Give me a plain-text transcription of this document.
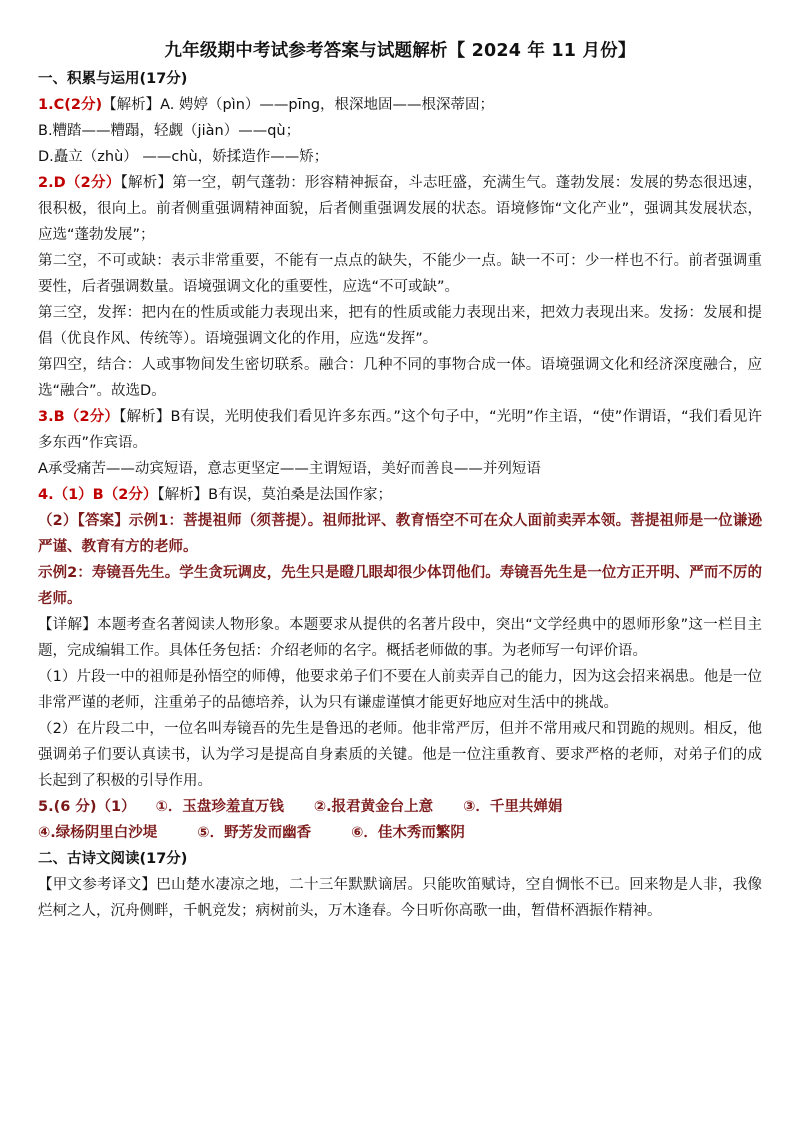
九年级期中考试参考答案与试题解析【 2024 年 11 月份】
一、积累与运用(17分)

1.C(2分)【解析】A. 娉婷（pìn）——pīng，根深地固——根深蒂固；

B.糟踏——糟蹋，轻觑（jiàn）——qù；

D.矗立（zhù） ——chù，娇揉造作——矫；

2.D（2分）【解析】第一空，朝气蓬勃：形容精神振奋，斗志旺盛，充满生气。蓬勃发展：发展的势态很迅速，很积极，很向上。前者侧重强调精神面貌，后者侧重强调发展的状态。语境修饰“文化产业”，强调其发展状态，应选“蓬勃发展”；

第二空，不可或缺：表示非常重要，不能有一点点的缺失，不能少一点。缺一不可：少一样也不行。前者强调重要性，后者强调数量。语境强调文化的重要性，应选“不可或缺”。

第三空，发挥：把内在的性质或能力表现出来，把有的性质或能力表现出来，把效力表现出来。发扬：发展和提倡（优良作风、传统等）。语境强调文化的作用，应选“发挥”。

第四空，结合：人或事物间发生密切联系。融合：几种不同的事物合成一体。语境强调文化和经济深度融合，应选“融合”。故选D。

3.B（2分）【解析】B有误，光明使我们看见许多东西。”这个句子中，“光明”作主语，“使”作谓语，“我们看见许多东西”作宾语。

A承受痛苦——动宾短语，意志更坚定——主谓短语，美好而善良——并列短语

4.（1）B（2分）【解析】B有误，莫泊桑是法国作家；

（2）【答案】示例1：菩提祖师（须菩提）。祖师批评、教育悟空不可在众人面前卖弄本领。菩提祖师是一位谦逊严谨、教育有方的老师。

示例2：寿镜吾先生。学生贪玩调皮，先生只是瞪几眼却很少体罚他们。寿镜吾先生是一位方正开明、严而不厉的老师。

【详解】本题考查名著阅读人物形象。本题要求从提供的名著片段中，突出“文学经典中的恩师形象”这一栏目主题，完成编辑工作。具体任务包括：介绍老师的名字。概括老师做的事。为老师写一句评价语。

（1）片段一中的祖师是孙悟空的师傅，他要求弟子们不要在人前卖弄自己的能力，因为这会招来祸患。他是一位非常严谨的老师，注重弟子的品德培养，认为只有谦虚谨慎才能更好地应对生活中的挑战。

（2）在片段二中，一位名叫寿镜吾的先生是鲁迅的老师。他非常严厉，但并不常用戒尺和罚跪的规则。相反，他强调弟子们要认真读书，认为学习是提高自身素质的关键。他是一位注重教育、要求严格的老师，对弟子们的成长起到了积极的引导作用。

5.(6 分)（1） ①．玉盘珍羞直万钱 ②.报君黄金台上意 ③．千里共婵娟
④.绿杨阴里白沙堤	⑤．野芳发而幽香	⑥．佳木秀而繁阴
二、古诗文阅读(17分)

【甲文参考译文】巴山楚水凄凉之地，二十三年默默谪居。只能吹笛赋诗，空自惆怅不已。回来物是人非，我像烂柯之人，沉舟侧畔，千帆竞发；病树前头，万木逢春。今日听你高歌一曲，暂借杯酒振作精神。
